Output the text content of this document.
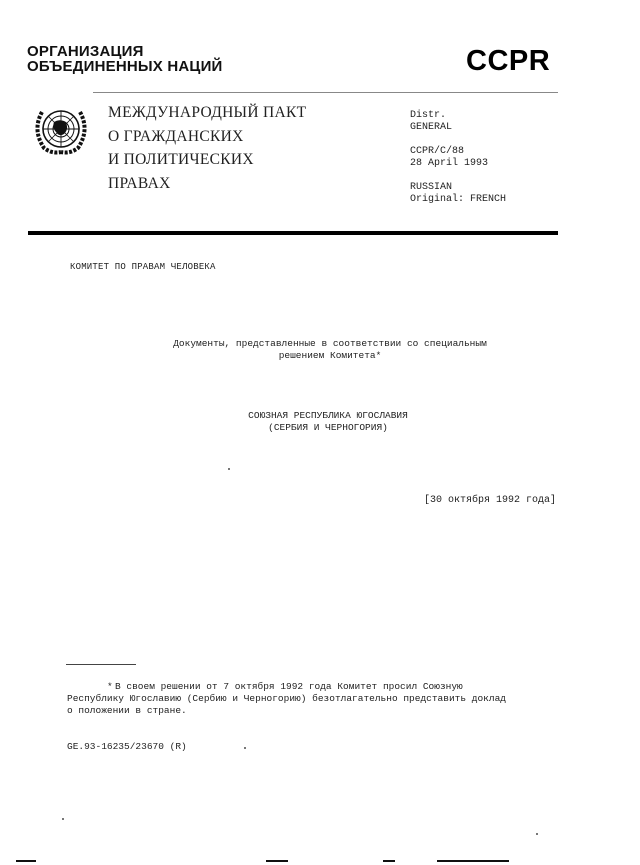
ОРГАНИЗАЦИЯ
ОБЪЕДИНЕННЫХ НАЦИЙ	CCPR
МЕЖДУНАРОДНЫЙ ПАКТ
О ГРАЖДАНСКИХ
И ПОЛИТИЧЕСКИХ
ПРАВАХ
Distr.
GENERAL
CCPR/C/88
28 April 1993
RUSSIAN
Original: FRENCH
КОМИТЕТ ПО ПРАВАМ ЧЕЛОВЕКА
Документы, представленные в соответствии со специальным
решением Комитета*
СОЮЗНАЯ РЕСПУБЛИКА ЮГОСЛАВИЯ
(СЕРБИЯ И ЧЕРНОГОРИЯ)
[30 октября 1992 года]
* В своем решении от 7 октября 1992 года Комитет просил Союзную
Республику Югославию (Сербию и Черногорию) безотлагательно представить доклад
о положении в стране.
GE.93-16235/23670 (R)
